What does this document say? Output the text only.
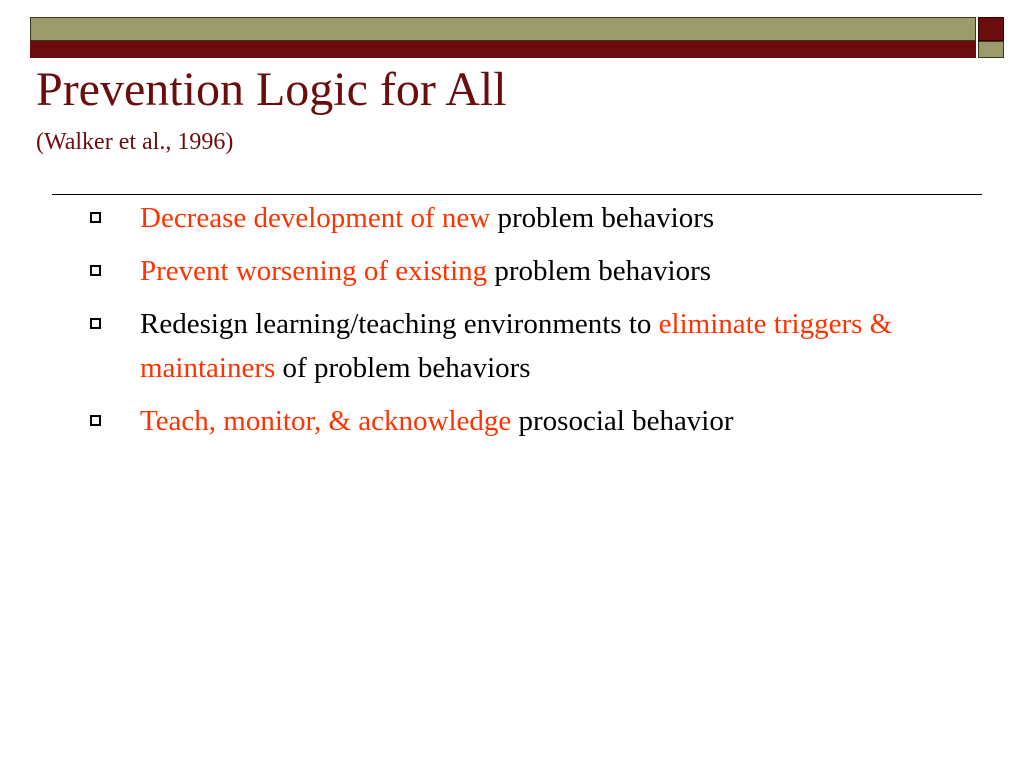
Prevention Logic for All
(Walker et al., 1996)
Decrease development of new problem behaviors
Prevent worsening of existing problem behaviors
Redesign learning/teaching environments to eliminate triggers & maintainers of problem behaviors
Teach, monitor, & acknowledge prosocial behavior
